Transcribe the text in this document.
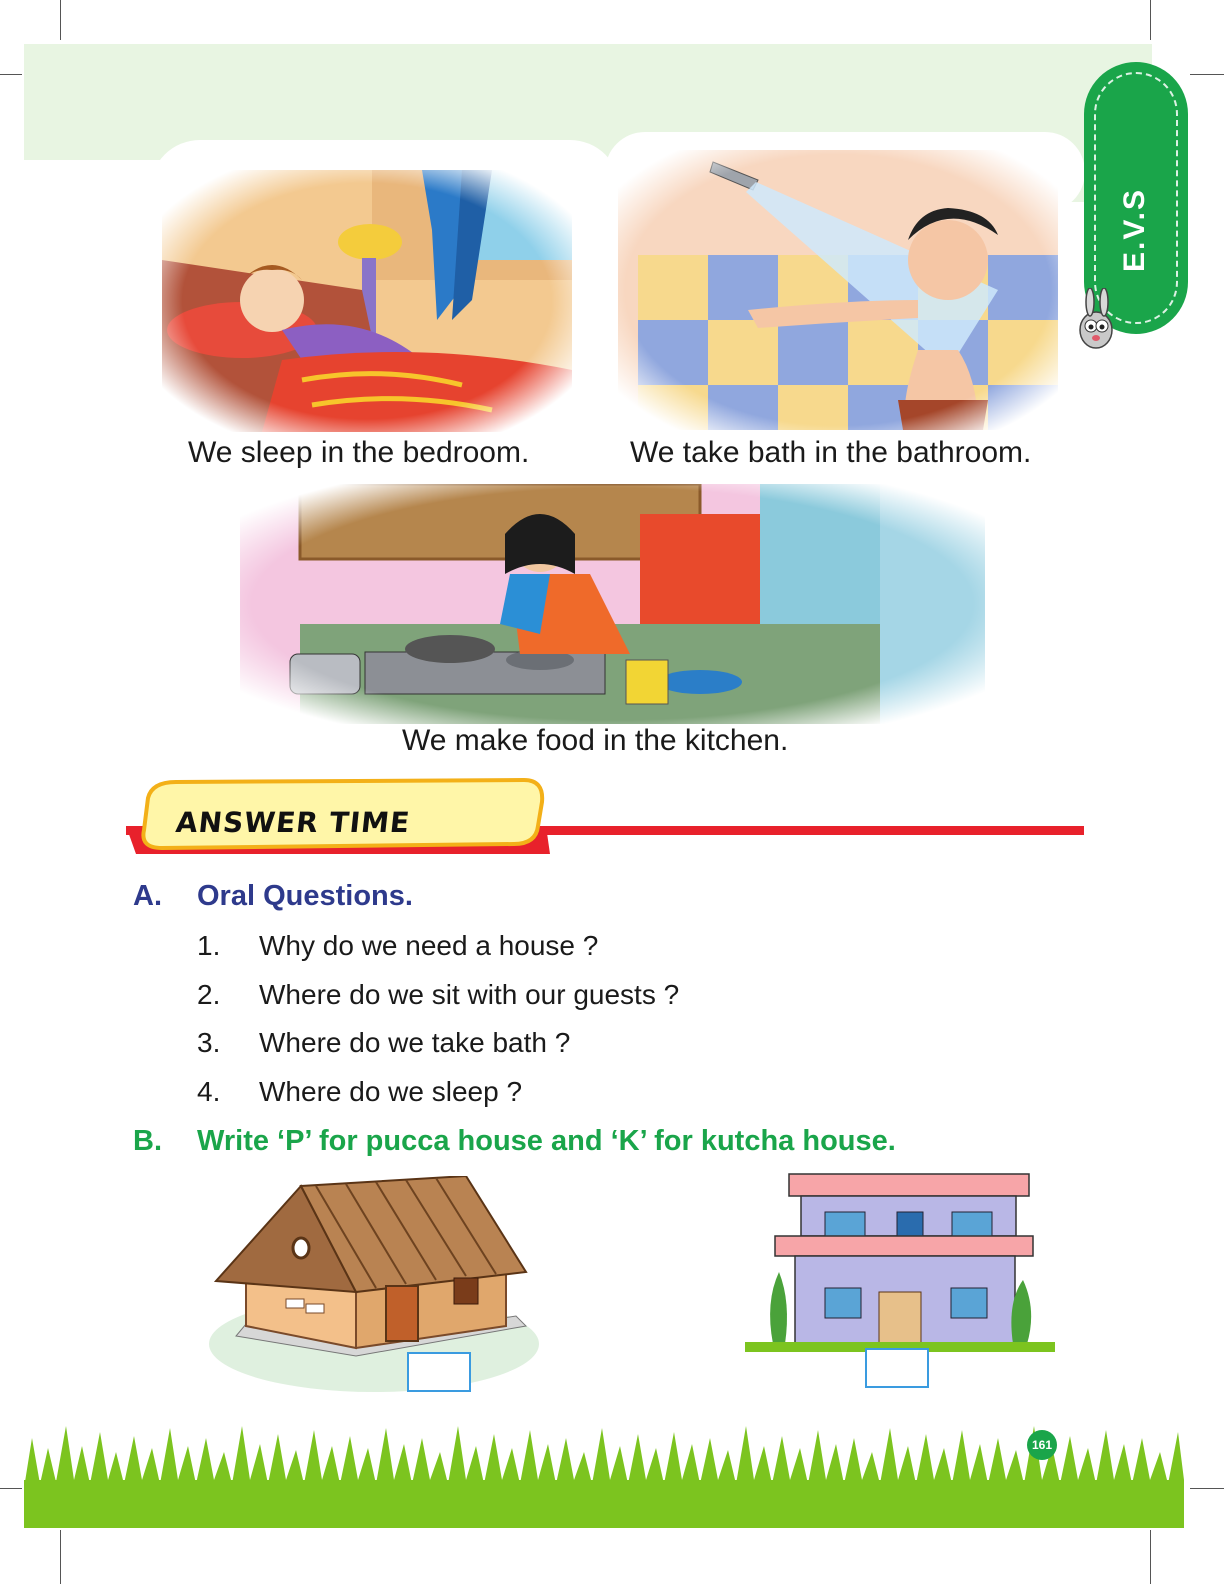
E.V.S
We sleep in the bedroom.	We take bath in the bathroom.
We make food in the kitchen.
ANSWER TIME
A. Oral Questions.
1. Why do we need a house ?
2. Where do we sit with our guests ?
3. Where do we take bath ?
4. Where do we sleep ?
B. Write ‘P’ for pucca house and ‘K’ for kutcha house.
161
